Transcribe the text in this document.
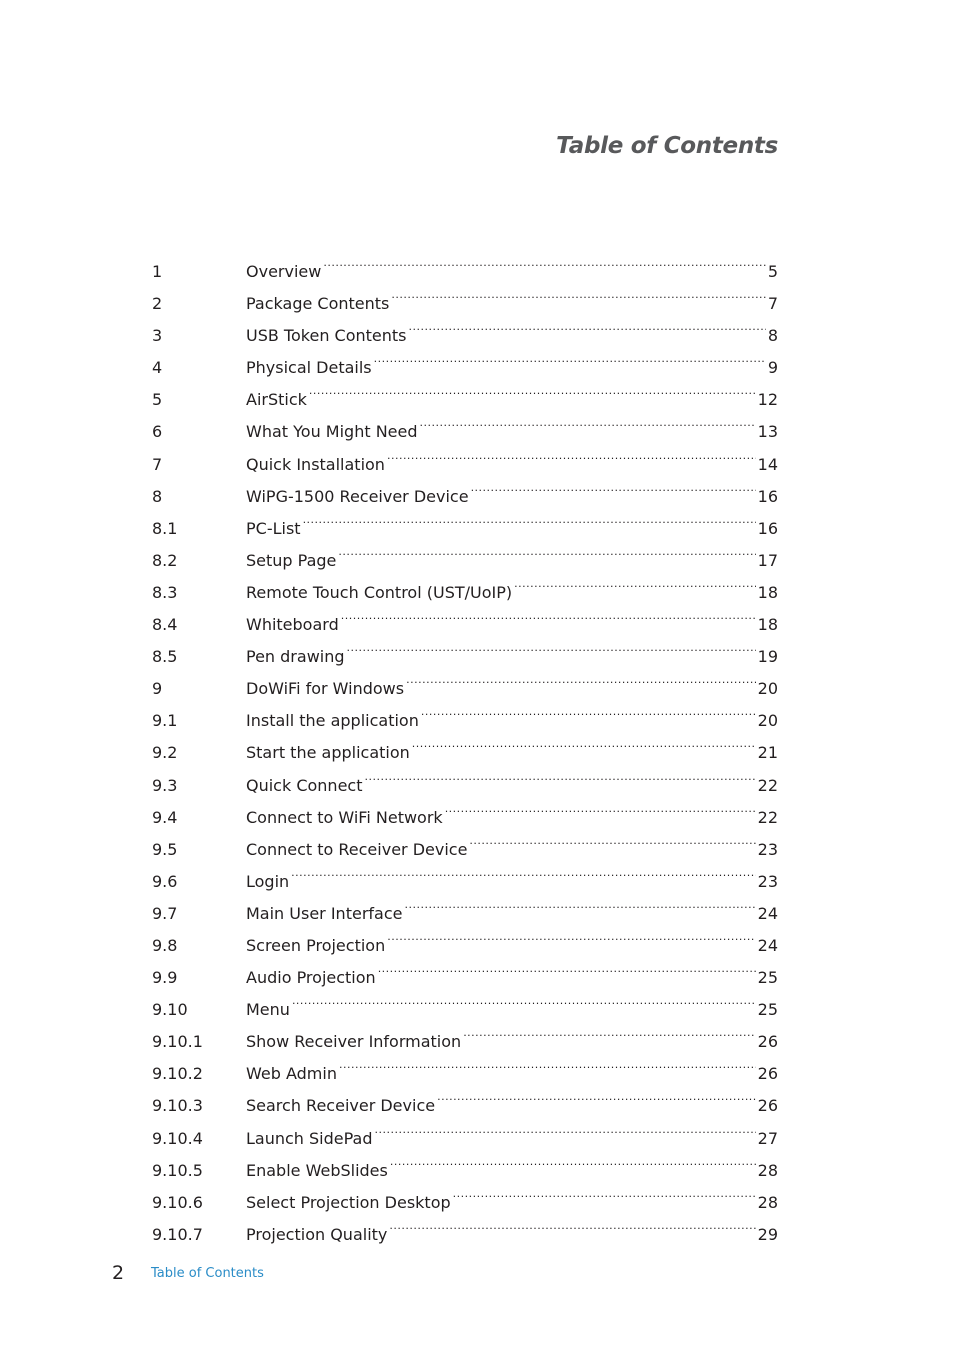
Table of Contents
1	Overview .....	5
2	Package Contents .....	7
3	USB Token Contents .....	8
4	Physical Details .....	9
5	AirStick .....	12
6	What You Might Need .....	13
7	Quick Installation .....	14
8	WiPG-1500 Receiver Device .....	16
8.1	PC-List .....	16
8.2	Setup Page .....	17
8.3	Remote Touch Control (UST/UoIP) .....	18
8.4	Whiteboard .....	18
8.5	Pen drawing .....	19
9	DoWiFi for Windows .....	20
9.1	Install the application .....	20
9.2	Start the application .....	21
9.3	Quick Connect .....	22
9.4	Connect to WiFi Network .....	22
9.5	Connect to Receiver Device .....	23
9.6	Login .....	23
9.7	Main User Interface .....	24
9.8	Screen Projection .....	24
9.9	Audio Projection .....	25
9.10	Menu .....	25
9.10.1	Show Receiver Information .....	26
9.10.2	Web Admin .....	26
9.10.3	Search Receiver Device .....	26
9.10.4	Launch SidePad .....	27
9.10.5	Enable WebSlides .....	28
9.10.6	Select Projection Desktop .....	28
9.10.7	Projection Quality .....	29
2 Table of Contents
